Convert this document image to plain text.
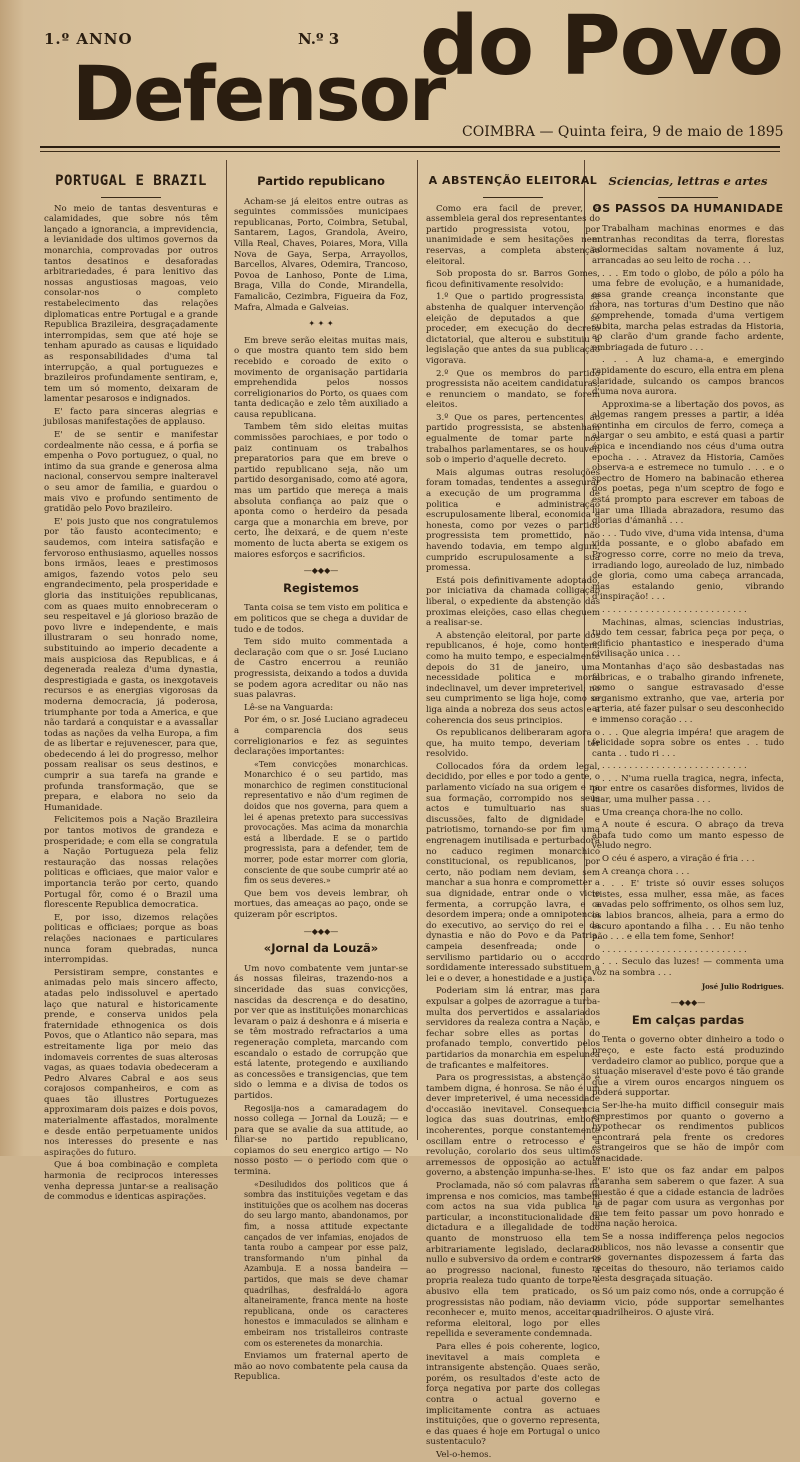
1.º ANNO	N.º 3
Defensor
do Povo
COIMBRA — Quinta feira, 9 de maio de 1895
PORTUGAL E BRAZIL

No meio de tantas desventuras e calamidades, que sobre nós têm lançado a ignorancia, a imprevidencia, a levianidade dos ultimos governos da monarchia, comprovadas por outros tantos desatinos e desaforadas arbitrariedades, é para lenitivo das nossas angustiosas magoas, veio consolar-nos o completo restabelecimento das relações diplomaticas entre Portugal e a grande Republica Brazileira, desgraçadamente interrompidas, sem que até hoje se tenham apurado as causas e liquidado as responsabilidades d'uma tal interrupção, a qual portuguezes e brazileiros profundamente sentiram, e, tem um só momento, deixaram de lamentar pesarosos e indignados.

E' facto para sinceras alegrias e jubilosas manifestações de applauso.

E' de se sentir e manifestar cordealmente não cessa, e á porfia se empenha o Povo portuguez, o qual, no intimo da sua grande e generosa alma nacional, conservou sempre inalteravel o seu amor de familia, e guardou o mais vivo e profundo sentimento de gratidão pelo Povo brazileiro.

E' pois justo que nos congratulemos por tão fausto acontecimento; e saudemos, com inteira satisfação e fervoroso enthusiasmo, aquelles nossos bons irmãos, leaes e prestimosos amigos, fazendo votos pelo seu engrandecimento, pela prosperidade e gloria das instituições republicanas, com as quaes muito ennobreceram o seu respeitavel e já glorioso brazão de povo livre e independente, e mais illustraram o seu honrado nome, substituindo ao imperio decadente a mais auspiciosa das Republicas, e á degenerada realeza d'uma dynastia, desprestigiada e gasta, os inexgotaveis recursos e as energias vigorosas da moderna democracia, já poderosa, triumphante por toda a America, e que não tardará a conquistar e a avassallar todas as nações da velha Europa, a fim de as libertar e rejuvenescer, para que, obedecendo á lei do progresso, melhor possam realisar os seus destinos, e cumprir a sua tarefa na grande e profunda transformação, que se prepara, e elabora no seio da Humanidade.

Felicitemos pois a Nação Brazileira por tantos motivos de grandeza e prosperidade; e com ella se congratula a Nação Portugueza pela feliz restauração das nossas relações politicas e officiaes, que maior valor e importancia terão por certo, quando Portugal fôr, como é o Brazil uma florescente Republica democratica.

E, por isso, dizemos relações politicas e officiaes; porque as boas relações nacionaes e particulares nunca foram quebradas, nunca interrompidas.

Persistiram sempre, constantes e animadas pelo mais sincero affecto, atadas pelo indissoluvel e apertado laço que natural e historicamente prende, e conserva unidos pela fraternidade ethnogenica os dois Povos, que o Atlantico não separa, mas estreitamente liga por meio das indomaveis correntes de suas alterosas vagas, as quaes todavia obedeceram a Pedro Alvares Cabral e aos seus corajosos companheiros, e com as quaes tão illustres Portuguezes approximaram dois paizes e dois povos, materialmente affastados, moralmente e desde então perpetuamente unidos nos interesses do presente e nas aspirações do futuro.

Que á boa combinação e completa harmonia de reciprocos interesses venha depressa juntar-se a realisação de commodus e identicas aspirações.

Partido republicano

Acham-se já eleitos entre outras as seguintes commissões municipaes republicanas, Porto, Coimbra, Setubal, Santarem, Lagos, Grandola, Aveiro, Villa Real, Chaves, Poiares, Mora, Villa Nova de Gaya, Serpa, Arrayollos, Barcellos, Alvares, Odemira, Trancoso, Povoa de Lanhoso, Ponte de Lima, Braga, Villa do Conde, Mirandella, Famalicão, Cezimbra, Figueira da Foz, Mafra, Almada e Galveias.

✦ ✦ ✦

Em breve serão eleitas muitas mais, o que mostra quanto tem sido bem recebido e coroado de exito o movimento de organisação partidaria emprehendida pelos nossos correligionarios do Porto, os quaes com tanta dedicação e zelo têm auxiliado a causa republicana.

Tambem têm sido eleitas muitas commissões parochiaes, e por todo o paiz continuam os trabalhos preparatorios para que em breve o partido republicano seja, não um partido desorganisado, como até agora, mas um partido que mereça a mais absoluta confiança ao paiz que o aponta como o herdeiro da pesada carga que a monarchia em breve, por certo, lhe deixará, e de quem n'este momento de lucta aberta se exigem os maiores esforços e sacrificios.

—◆◆◆—
Registemos

Tanta coisa se tem visto em politica e em politicos que se chega a duvidar de tudo e de todos.

Tem sido muito commentada a declaração com que o sr. José Luciano de Castro encerrou a reunião progressista, deixando a todos a duvida se podem agora acreditar ou não nas suas palavras.

Lê-se na Vanguarda:

Por ém, o sr. José Luciano agradeceu a comparencia dos seus correligionarios e fez as seguintes declarações importantes:

«Tem convicções monarchicas. Monarchico é o seu partido, mas monarchico de regimen constitucional representativo e não d'um regimen de doidos que nos governa, para quem a lei é apenas pretexto para successivas provocações. Mas acima da monarchia está a liberdade. E se o partido progressista, para a defender, tem de morrer, pode estar morrer com gloria, consciente de que soube cumprir até ao fim os seus deveres.»

Que bem vos deveis lembrar, oh mortues, das ameaças ao paço, onde se quizeram pôr escriptos.

—◆◆◆—
«Jornal da Louzã»

Um novo combatente vem juntar-se ás nossas fileiras, trazendo-nos a sinceridade das suas convicções, nascidas da descrença e do desatino, por ver que as instituições monarchicas levaram o paiz á deshonra e á miseria e se têm mostrado refractarios a uma regeneração completa, marcando com escandalo o estado de corrupção que está latente, protegendo e auxiliando as concessões e transigencias, que tem sido o lemma e a divisa de todos os partidos.

Regosija-nos a camaradagem do nosso collega — Jornal da Louzã; — e para que se avalie da sua attitude, ao filiar-se no partido republicano, copiamos do seu energico artigo — No nosso posto — o periodo com que o termina.

«Desiludidos dos politicos que á sombra das instituições vegetam e das instituições que os acolhem nas doceras do seu largo manto, abandonamos, por fim, a nossa attitude expectante cançados de ver infamias, enojados de tanta roubo a campear por esse paiz, transformando n'um pinhal da Azambuja. E a nossa bandeira — partidos, que mais se deve chamar quadrilhas, desfraldá-lo agora altaneiramente, franca mente na hoste republicana, onde os caracteres honestos e immaculados se alinham e embeiram nos tristalleiros contraste com os esterenetes da monarchia.

Enviamos um fraternal aperto de mão ao novo combatente pela causa da Republica.

A ABSTENÇÃO ELEITORAL

Como era facil de prever, a assembleia geral dos representantes do partido progressista votou, por unanimidade e sem hesitações nem reservas, a completa abstenção eleitoral.

Sob proposta do sr. Barros Gomes, ficou definitivamente resolvido:

1.º Que o partido progressista se abstenha de qualquer intervenção na eleição de deputados a que se proceder, em execução do decreto dictatorial, que alterou e substituiu a legislação que antes da sua publicação vigorava.

2.º Que os membros do partido progressista não aceitem candidaturas, e renunciem o mandato, se forem eleitos.

3.º Que os pares, pertencentes ao partido progressista, se abstenham egualmente de tomar parte nos trabalhos parlamentares, se os houver, sob o imperio d'aquelle decreto.

Mais algumas outras resoluções foram tomadas, tendentes a assegurar a execução de um programma de politica e administração escrupulosamente liberal, economica e honesta, como por vezes o partido progressista tem promettido, não havendo todavia, em tempo algum, cumprido escrupulosamente a sua promessa.

Está pois definitivamente adoptado, por iniciativa da chamada colligação liberal, o expediente da abstenção das proximas eleições, caso ellas cheguem a realisar-se.

A abstenção eleitoral, por parte dos republicanos, é hoje, como hontem, como ha muito tempo, e especialmente depois do 31 de janeiro, uma necessidade politica e moral indeclinavel, um dever impreterivel; no seu cumprimento se liga hoje, como se liga ainda a nobreza dos seus actos e a coherencia dos seus principios.

Os republicanos deliberaram agora o que, ha muito tempo, deveriam ter resolvido.

Collocados fóra da ordem legal, decidido, por elles e por todo a gente, o parlamento vicíado na sua origem e na sua formação, corrompido nos seus actos e tumultuario nas suas discussões, falto de dignidade e patriotismo, tornando-se por fim uma engrenagem inutilisada e perturbadora no caduco regimen monarchico constitucional, os republicanos, por certo, não podiam nem deviam, sem manchar a sua honra e comprometter a sua dignidade, entrar onde o vicio fermenta, a corrupção lavra, e a desordem impera; onde a omnipotencia do executivo, ao serviço do rei e da dynastia e não do Povo e da Patria, campeia desenfreada; onde o servilismo partidario ou o accordo sordidamente interessado substituem a lei e o dever, a honestidade e a justiça.

Poderiam sim lá entrar, mas para expulsar a golpes de azorrague a turba-multa dos pervertidos e assalariados servidores da realeza contra a Nação, e fechar sobre elles as portas do profanado templo, convertido pelos partidarios da monarchia em espelunca de traficantes e malfeitores.

Para os progressistas, a abstenção é tambem digna, é honrosa. Se não é um dever impreterivel, é uma necessidade d'occasião inevitavel. Consequencia logica das suas doutrinas, embora incoherentes, porque constantemente oscillam entre o retrocesso e a revolução, corolario dos seus ultimos arremessos de opposição ao actual governo, a abstenção impunha-se-lhes.

Proclamada, não só com palavras na imprensa e nos comicios, mas tambem com actos na sua vida publica e particular, a inconstitucionalidade da dictadura e a illegalidade de todo quanto de monstruoso ella tem arbitrariamente legislado, declarado nullo e subversivo da ordem e contrario ao progresso nacional, funesto á propria realeza tudo quanto de torpe e abusivo ella tem praticado, os progressistas não podiam, não deviam reconhecer e, muito menos, acceitar a reforma eleitoral, logo por elles repellida e severamente condemnada.

Para elles é pois coherente, logico, inevitavel a mais completa e intransigente abstenção. Quaes serão, porém, os resultados d'este acto de força negativa por parte dos collegas contra o actual governo e implicitamente contra as actuaes instituições, que o governo representa, e das quaes é hoje em Portugal o unico sustentaculo?

Vel-o-hemos.

Sciencias, lettras e artes
OS PASSOS DA HUMANIDADE

Trabalham machinas enormes e das entranhas reconditas da terra, florestas adormecidas saltam novamente á luz, arrancadas ao seu leito de rocha . . .

. . . Em todo o globo, de pólo a pólo ha uma febre de evolução, e a humanidade, essa grande creança inconstante que chora, nas torturas d'um Destino que não comprehende, tomada d'uma vertigem subita, marcha pelas estradas da Historia, ao clarão d'um grande facho ardente, embriagada de futuro . . .

. . . A luz chama-a, e emergindo rapidamente do escuro, ella entra em plena claridade, sulcando os campos brancos d'uma nova aurora.

Approxima-se a libertação dos povos, as algemas rangem presses a partir, a idéa continha em circulos de ferro, começa a alargar o seu ambito, e está quasi a partir épica e incendiando nos céus d'uma outra epocha . . . Atravez da Historia, Camões observa-a e estremece no tumulo . . . e o spectro de Homero na babinacão etherea dos poetas, pega n'um sceptro de fogo e está prompto para escrever em taboas de luar uma Illiada abrazadora, resumo das glorias d'ámanhã . . .

. . . Tudo vive, d'uma vida intensa, d'uma vida possante, e o globo abafado em Progresso corre, corre no meio da treva, irradiando logo, aureolado de luz, nimbado de gloria, como uma cabeça arrancada, mas estalando genio, vibrando d'inspiração! . . .

. . . . . . . . . . . . . . . . . . . . . . . . . . .

Machinas, almas, sciencias industrias, tudo tem cessar, fabrica peça por peça, o edificio phantastico e inesperado d'uma civilisação unica . . .

Montanhas d'aço são desbastadas nas fabricas, e o trabalho girando infrenete, como o sangue estravasado d'esse organismo extranho, que vae, arteria por arteria, até fazer pulsar o seu desconhecido e immenso coração . . .

. . . Que alegria impéra! que aragem de felicidade sopra sobre os entes . . tudo canta . . tudo ri . . .

. . . . . . . . . . . . . . . . . . . . . . . . . . .

. . . N'uma ruella tragica, negra, infecta, por entre os casarões disformes, lividos de luar, uma mulher passa . . .

Uma creança chora-lhe no collo.

A noute é escura. O abraço da treva abafa tudo como um manto espesso de veludo negro.

O céu é aspero, a viração é fria . . .

A creança chora . . .

. . . E' triste só ouvir esses soluços tristes, essa mulher, essa mãe, as faces cavadas pelo soffrimento, os olhos sem luz, os labios brancos, alheia, para a ermo do escuro apontando a filha . . . Eu não tenho pão . . . e ella tem fome, Senhor!

. . . . . . . . . . . . . . . . . . . . . . . . . . .

. . . Seculo das luzes! — commenta uma voz na sombra . . .

José Julio Rodrigues.
—◆◆◆—
Em calças pardas

Tenta o governo obter dinheiro a todo o preço, e este facto está produzindo verdadeiro clamor ao publico, porque que a situação miseravel d'este povo é tão grande que a virem ouros encargos ninguem os poderá supportar.

Ser-lhe-ha muito difficil conseguir mais emprestimos por quanto o governo a hypothecar os rendimentos publicos encontrará pela frente os credores estrangeiros que se hão de impôr com tenacidade.

E' isto que os faz andar em palpos d'aranha sem saberem o que fazer. A sua questão é que a cidade estancia de ladrões ha de pagar com usura as vergonhas por que tem feito passar um povo honrado e uma nação heroica.

Se a nossa indifferença pelos negocios publicos, nos não levasse a consentir que os governantes dispozessem á farta das receitas do thesouro, não teriamos caido n'esta desgraçada situação.

Só um paiz como nós, onde a corrupção é um vicio, póde supportar semelhantes quadrilheiros. O ajuste virá.
